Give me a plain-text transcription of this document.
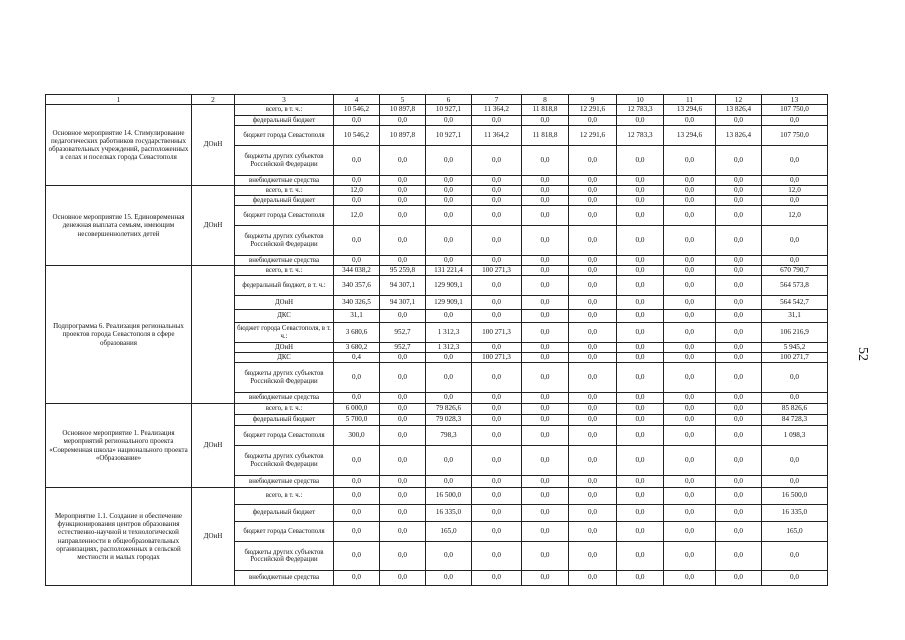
1	2	3	4	5	6	7	8	9	10	11	12	13
Основное мероприятие 14. Стимулирование педагогических работников государственных образовательных учреждений, расположенных в селах и поселках города Севастополя	ДОиН	всего, в т. ч.:	10 546,2	10 897,8	10 927,1	11 364,2	11 818,8	12 291,6	12 783,3	13 294,6	13 826,4	107 750,0
		федеральный бюджет	0,0	0,0	0,0	0,0	0,0	0,0	0,0	0,0	0,0	0,0
		бюджет города Севастополя	10 546,2	10 897,8	10 927,1	11 364,2	11 818,8	12 291,6	12 783,3	13 294,6	13 826,4	107 750,0
		бюджеты других субъектов Российской Федерации	0,0	0,0	0,0	0,0	0,0	0,0	0,0	0,0	0,0	0,0
		внебюджетные средства	0,0	0,0	0,0	0,0	0,0	0,0	0,0	0,0	0,0	0,0
Основное мероприятие 15. Единовременная денежная выплата семьям, имеющим несовершеннолетних детей	ДОиН	всего, в т. ч.:	12,0	0,0	0,0	0,0	0,0	0,0	0,0	0,0	0,0	12,0
		федеральный бюджет	0,0	0,0	0,0	0,0	0,0	0,0	0,0	0,0	0,0	0,0
		бюджет города Севастополя	12,0	0,0	0,0	0,0	0,0	0,0	0,0	0,0	0,0	12,0
		бюджеты других субъектов Российской Федерации	0,0	0,0	0,0	0,0	0,0	0,0	0,0	0,0	0,0	0,0
		внебюджетные средства	0,0	0,0	0,0	0,0	0,0	0,0	0,0	0,0	0,0	0,0
Подпрограмма 6. Реализация региональных проектов города Севастополя в сфере образования		всего, в т. ч.:	344 038,2	95 259,8	131 221,4	100 271,3	0,0	0,0	0,0	0,0	0,0	670 790,7
		федеральный бюджет, в т. ч.:	340 357,6	94 307,1	129 909,1	0,0	0,0	0,0	0,0	0,0	0,0	564 573,8
		ДОиН	340 326,5	94 307,1	129 909,1	0,0	0,0	0,0	0,0	0,0	0,0	564 542,7
		ДКС	31,1	0,0	0,0	0,0	0,0	0,0	0,0	0,0	0,0	31,1
		бюджет города Севастополя, в т. ч.:	3 680,6	952,7	1 312,3	100 271,3	0,0	0,0	0,0	0,0	0,0	106 216,9
		ДОиН	3 680,2	952,7	1 312,3	0,0	0,0	0,0	0,0	0,0	0,0	5 945,2
		ДКС	0,4	0,0	0,0	100 271,3	0,0	0,0	0,0	0,0	0,0	100 271,7
		бюджеты других субъектов Российской Федерации	0,0	0,0	0,0	0,0	0,0	0,0	0,0	0,0	0,0	0,0
		внебюджетные средства	0,0	0,0	0,0	0,0	0,0	0,0	0,0	0,0	0,0	0,0
Основное мероприятие 1. Реализация мероприятий регионального проекта «Современная школа» национального проекта «Образование»	ДОиН	всего, в т. ч.:	6 000,0	0,0	79 826,6	0,0	0,0	0,0	0,0	0,0	0,0	85 826,6
		федеральный бюджет	5 700,0	0,0	79 028,3	0,0	0,0	0,0	0,0	0,0	0,0	84 728,3
		бюджет города Севастополя	300,0	0,0	798,3	0,0	0,0	0,0	0,0	0,0	0,0	1 098,3
		бюджеты других субъектов Российской Федерации	0,0	0,0	0,0	0,0	0,0	0,0	0,0	0,0	0,0	0,0
		внебюджетные средства	0,0	0,0	0,0	0,0	0,0	0,0	0,0	0,0	0,0	0,0
Мероприятие 1.1. Создание и обеспечение функционирования центров образования естественно-научной и технологической направленности в общеобразовательных организациях, расположенных в сельской местности и малых городах	ДОиН	всего, в т. ч.:	0,0	0,0	16 500,0	0,0	0,0	0,0	0,0	0,0	0,0	16 500,0
		федеральный бюджет	0,0	0,0	16 335,0	0,0	0,0	0,0	0,0	0,0	0,0	16 335,0
		бюджет города Севастополя	0,0	0,0	165,0	0,0	0,0	0,0	0,0	0,0	0,0	165,0
		бюджеты других субъектов Российской Федерации	0,0	0,0	0,0	0,0	0,0	0,0	0,0	0,0	0,0	0,0
		внебюджетные средства	0,0	0,0	0,0	0,0	0,0	0,0	0,0	0,0	0,0	0,0
52
